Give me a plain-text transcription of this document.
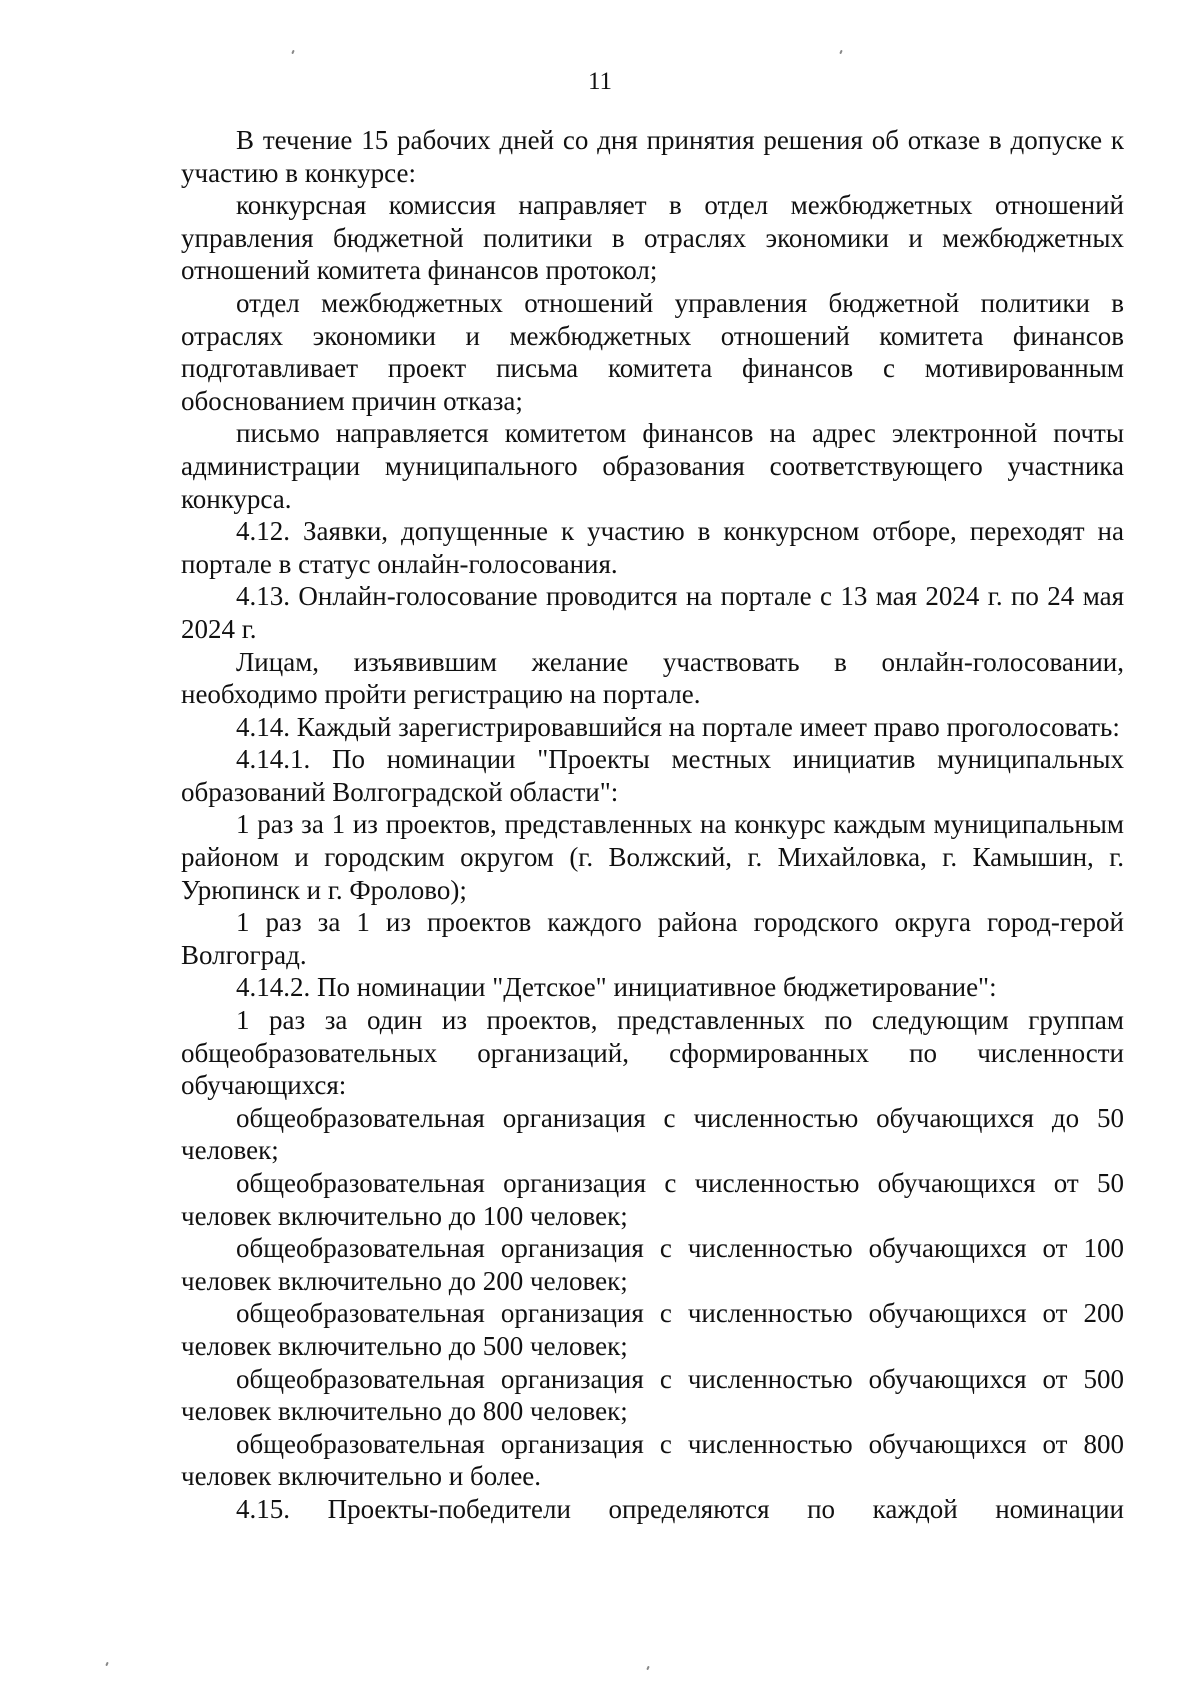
11

В течение 15 рабочих дней со дня принятия решения об отказе в допуске к участию в конкурсе:

конкурсная комиссия направляет в отдел межбюджетных отношений управления бюджетной политики в отраслях экономики и межбюджетных отношений комитета финансов протокол;

отдел межбюджетных отношений управления бюджетной политики в отраслях экономики и межбюджетных отношений комитета финансов подготавливает проект письма комитета финансов с мотивированным обоснованием причин отказа;

письмо направляется комитетом финансов на адрес электронной почты администрации муниципального образования соответствующего участника конкурса.

4.12. Заявки, допущенные к участию в конкурсном отборе, переходят на портале в статус онлайн-голосования.

4.13. Онлайн-голосование проводится на портале с 13 мая 2024 г. по 24 мая 2024 г.

Лицам, изъявившим желание участвовать в онлайн-голосовании, необходимо пройти регистрацию на портале.

4.14. Каждый зарегистрировавшийся на портале имеет право проголосовать:

4.14.1. По номинации "Проекты местных инициатив муниципальных образований Волгоградской области":

1 раз за 1 из проектов, представленных на конкурс каждым муниципальным районом и городским округом (г. Волжский, г. Михайловка, г. Камышин, г. Урюпинск и г. Фролово);

1 раз за 1 из проектов каждого района городского округа город-герой Волгоград.

4.14.2. По номинации "Детское" инициативное бюджетирование":

1 раз за один из проектов, представленных по следующим группам общеобразовательных организаций, сформированных по численности обучающихся:

общеобразовательная организация с численностью обучающихся до 50 человек;

общеобразовательная организация с численностью обучающихся от 50 человек включительно до 100 человек;

общеобразовательная организация с численностью обучающихся от 100 человек включительно до 200 человек;

общеобразовательная организация с численностью обучающихся от 200 человек включительно до 500 человек;

общеобразовательная организация с численностью обучающихся от 500 человек включительно до 800 человек;

общеобразовательная организация с численностью обучающихся от 800 человек включительно и более.

4.15. Проекты-победители определяются по каждой номинации
